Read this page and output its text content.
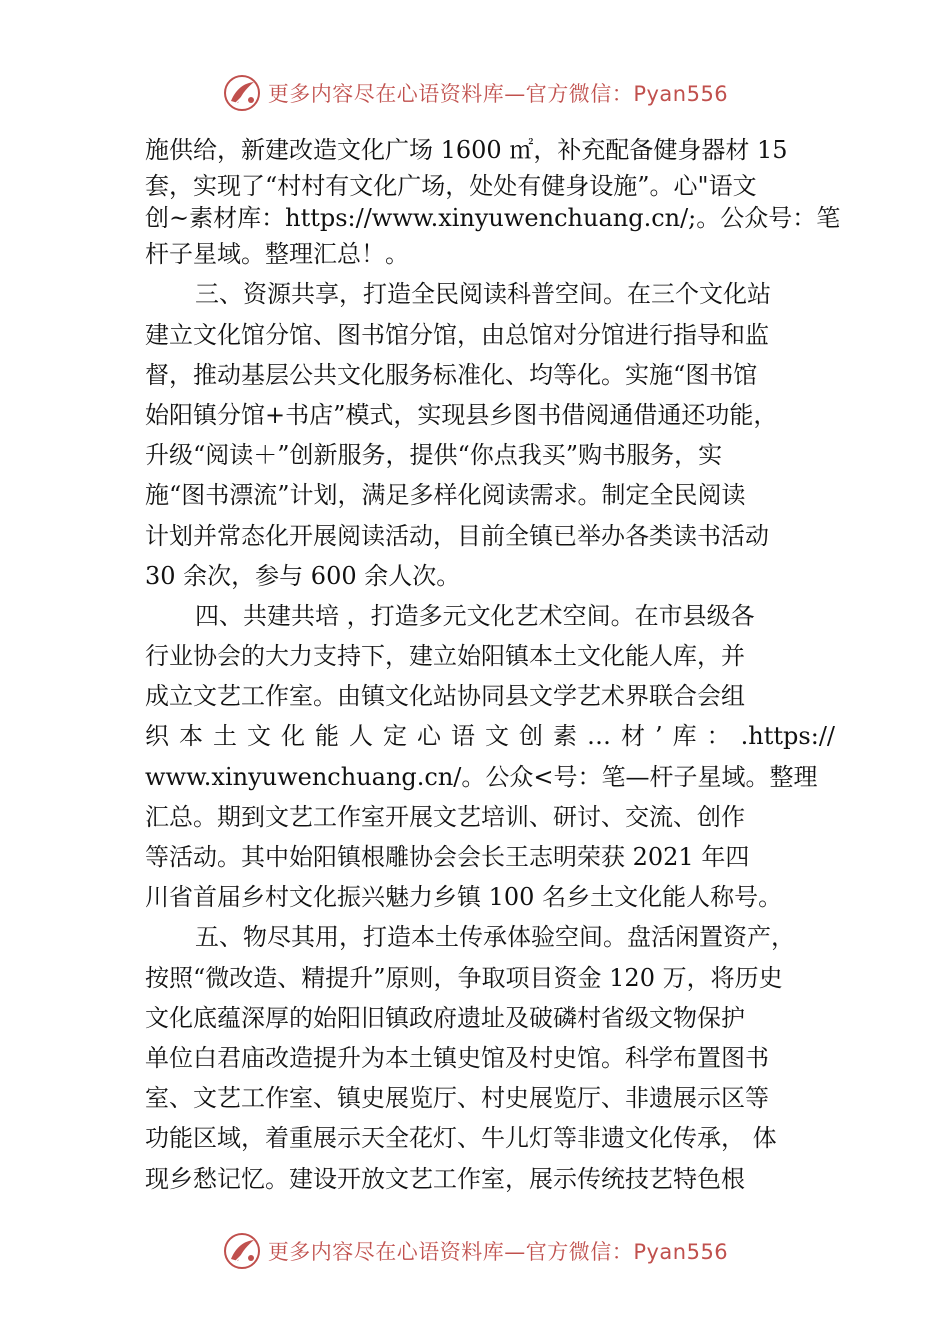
更多内容尽在心语资料库—官方微信：Pyan556
施供给，新建改造文化广场 1600 ㎡，补充配备健身器材 15
套，实现了“村村有文化广场，处处有健身设施”。心"语文
创~素材库：https://www.xinyuwenchuang.cn/;。公众号：笔
杆子星域。整理汇总！。
三、资源共享，打造全民阅读科普空间。在三个文化站
建立文化馆分馆、图书馆分馆，由总馆对分馆进行指导和监
督，推动基层公共文化服务标准化、均等化。实施“图书馆
始阳镇分馆+书店”模式，实现县乡图书借阅通借通还功能，
升级“阅读＋”创新服务，提供“你点我买”购书服务，实
施“图书漂流”计划，满足多样化阅读需求。制定全民阅读
计划并常态化开展阅读活动，目前全镇已举办各类读书活动
30 余次，参与 600 余人次。
四、共建共培 ，打造多元文化艺术空间。在市县级各
行业协会的大力支持下，建立始阳镇本土文化能人库，并
成立文艺工作室。由镇文化站协同县文学艺术界联合会组
织本土文化能人定心语文创素…材’库：.https://
www.xinyuwenchuang.cn/。公众<号：笔—杆子星域。整理
汇总。期到文艺工作室开展文艺培训、研讨、交流、创作
等活动。其中始阳镇根雕协会会长王志明荣获 2021 年四
川省首届乡村文化振兴魅力乡镇 100 名乡土文化能人称号。
五、物尽其用，打造本土传承体验空间。盘活闲置资产，
按照“微改造、精提升”原则，争取项目资金 120 万，将历史
文化底蕴深厚的始阳旧镇政府遗址及破磷村省级文物保护
单位白君庙改造提升为本土镇史馆及村史馆。科学布置图书
室、文艺工作室、镇史展览厅、村史展览厅、非遗展示区等
功能区域，着重展示天全花灯、牛儿灯等非遗文化传承， 体
现乡愁记忆。建设开放文艺工作室，展示传统技艺特色根
更多内容尽在心语资料库—官方微信：Pyan556
